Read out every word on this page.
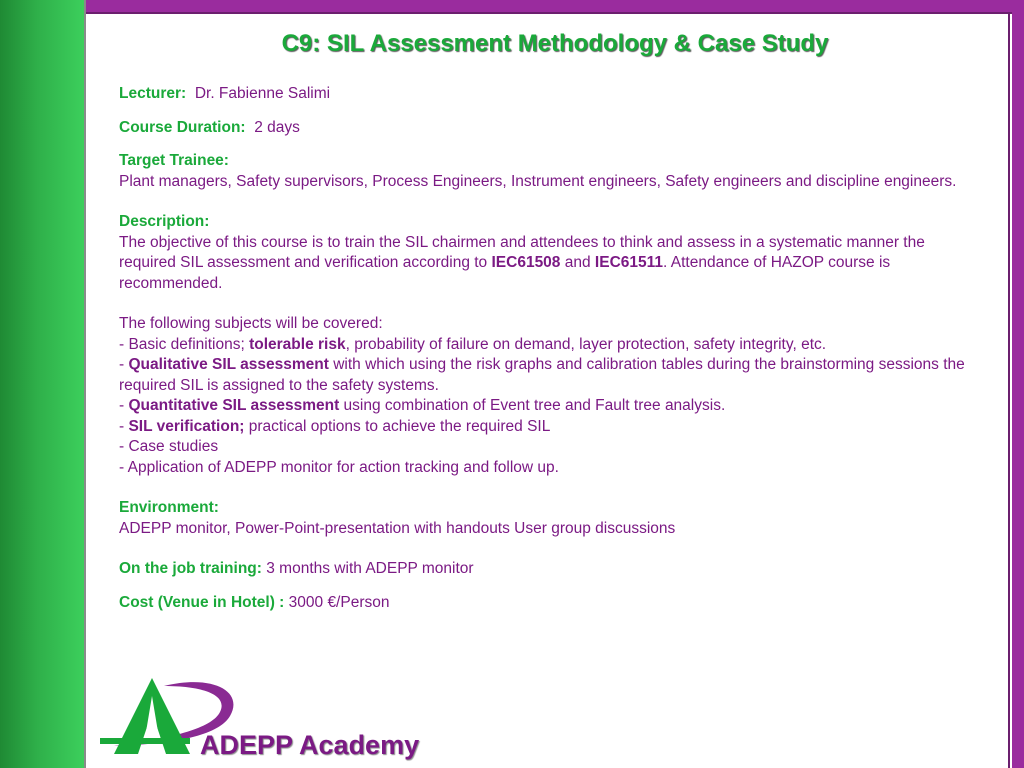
C9: SIL Assessment Methodology & Case Study

Lecturer: Dr. Fabienne Salimi

Course Duration: 2 days

Target Trainee:

Plant managers, Safety supervisors, Process Engineers, Instrument engineers, Safety engineers and discipline engineers.

Description:

The objective of this course is to train the SIL chairmen and attendees to think and assess in a systematic manner the required SIL assessment and verification according to IEC61508 and IEC61511. Attendance of HAZOP course is recommended.

The following subjects will be covered:

- Basic definitions; tolerable risk, probability of failure on demand, layer protection, safety integrity, etc.

- Qualitative SIL assessment with which using the risk graphs and calibration tables during the brainstorming sessions the required SIL is assigned to the safety systems.

- Quantitative SIL assessment using combination of Event tree and Fault tree analysis.

- SIL verification; practical options to achieve the required SIL

- Case studies

- Application of ADEPP monitor for action tracking and follow up.

Environment:

ADEPP monitor, Power-Point-presentation with handouts User group discussions

On the job training: 3 months with ADEPP monitor

Cost (Venue in Hotel) : 3000 €/Person

ADEPP Academy
